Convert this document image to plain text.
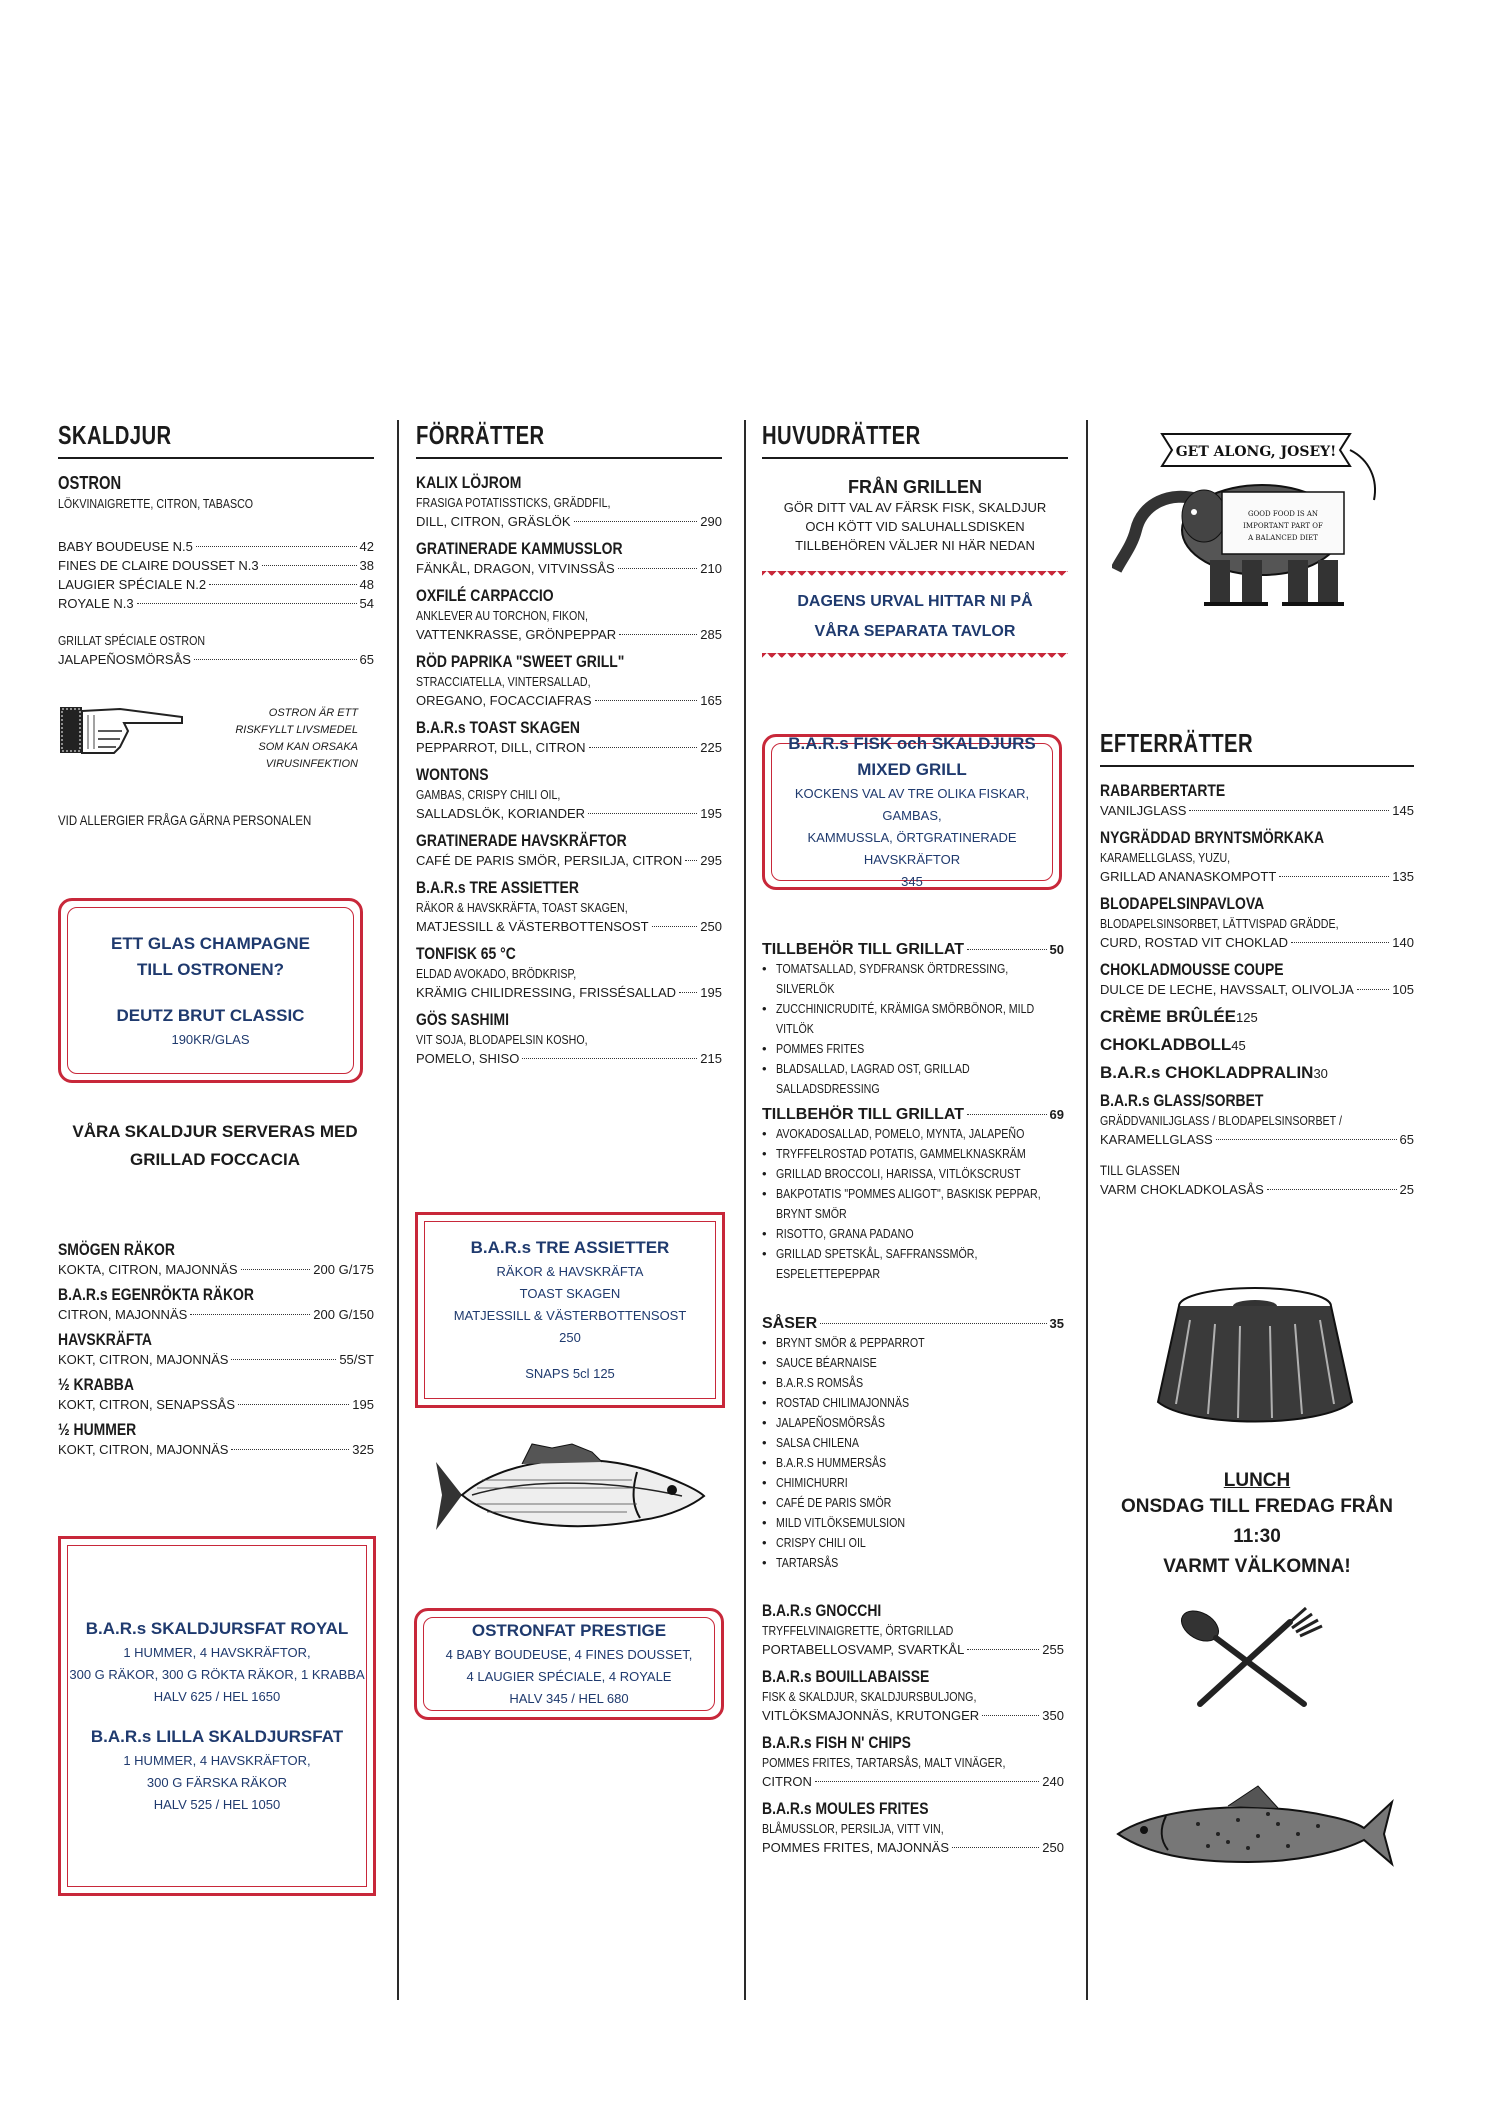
SKALDJUR
OSTRON
LÖKVINAIGRETTE, CITRON, TABASCO
BABY BOUDEUSE N.5	42
FINES DE CLAIRE DOUSSET N.3	38
LAUGIER SPÉCIALE N.2	48
ROYALE N.3	54
GRILLAT SPÉCIALE OSTRON
JALAPEÑOSMÖRSÅS	65
OSTRON ÄR ETT RISKFYLLT LIVSMEDEL SOM KAN ORSAKA VIRUSINFEKTION
VID ALLERGIER FRÅGA GÄRNA PERSONALEN
ETT GLAS CHAMPAGNE TILL OSTRONEN?
DEUTZ BRUT CLASSIC
190KR/GLAS
VÅRA SKALDJUR SERVERAS MED GRILLAD FOCCACIA
SMÖGEN RÄKOR
KOKTA, CITRON, MAJONNÄS	200 G/175
B.A.R.s EGENRÖKTA RÄKOR
CITRON, MAJONNÄS	200 G/150
HAVSKRÄFTA
KOKT, CITRON, MAJONNÄS	55/ST
½ KRABBA
KOKT, CITRON, SENAPSSÅS	195
½ HUMMER
KOKT, CITRON, MAJONNÄS	325
B.A.R.s SKALDJURSFAT ROYAL
1 HUMMER, 4 HAVSKRÄFTOR,
300 G RÄKOR, 300 G RÖKTA RÄKOR, 1 KRABBA
HALV 625 / HEL 1650
B.A.R.s LILLA SKALDJURSFAT
1 HUMMER, 4 HAVSKRÄFTOR,
300 G FÄRSKA RÄKOR
HALV 525 / HEL 1050
FÖRRÄTTER
KALIX LÖJROM
FRASIGA POTATISSTICKS, GRÄDDFIL,
DILL, CITRON, GRÄSLÖK	290
GRATINERADE KAMMUSSLOR
FÄNKÅL, DRAGON, VITVINSSÅS	210
OXFILÉ CARPACCIO
ANKLEVER AU TORCHON, FIKON,
VATTENKRASSE, GRÖNPEPPAR	285
RÖD PAPRIKA "SWEET GRILL"
STRACCIATELLA, VINTERSALLAD,
OREGANO, FOCACCIAFRAS	165
B.A.R.s TOAST SKAGEN
PEPPARROT, DILL, CITRON	225
WONTONS
GAMBAS, CRISPY CHILI OIL,
SALLADSLÖK, KORIANDER	195
GRATINERADE HAVSKRÄFTOR
CAFÉ DE PARIS SMÖR, PERSILJA, CITRON 295
B.A.R.s TRE ASSIETTER
RÄKOR & HAVSKRÄFTA, TOAST SKAGEN,
MATJESSILL & VÄSTERBOTTENSOST	250
TONFISK 65 °C
ELDAD AVOKADO, BRÖDKRISP,
KRÄMIG CHILIDRESSING, FRISSÉSALLAD 195
GÖS SASHIMI
VIT SOJA, BLODAPELSIN KOSHO,
POMELO, SHISO	215
B.A.R.s TRE ASSIETTER
RÄKOR & HAVSKRÄFTA
TOAST SKAGEN
MATJESSILL & VÄSTERBOTTENSOST
250
SNAPS 5cl 125
OSTRONFAT PRESTIGE
4 BABY BOUDEUSE, 4 FINES DOUSSET,
4 LAUGIER SPÉCIALE, 4 ROYALE
HALV 345 / HEL 680
HUVUDRÄTTER
FRÅN GRILLEN
GÖR DITT VAL AV FÄRSK FISK, SKALDJUR
OCH KÖTT VID SALUHALLSDISKEN
TILLBEHÖREN VÄLJER NI HÄR NEDAN
DAGENS URVAL HITTAR NI PÅ VÅRA SEPARATA TAVLOR
B.A.R.s FISK och SKALDJURS
MIXED GRILL
KOCKENS VAL AV TRE OLIKA FISKAR, GAMBAS,
KAMMUSSLA, ÖRTGRATINERADE HAVSKRÄFTOR
345
TILLBEHÖR TILL GRILLAT	50
• TOMATSALLAD, SYDFRANSK ÖRTDRESSING, SILVERLÖK
• ZUCCHINICRUDITÉ, KRÄMIGA SMÖRBÖNOR, MILD VITLÖK
• POMMES FRITES
• BLADSALLAD, LAGRAD OST, GRILLAD SALLADSDRESSING
TILLBEHÖR TILL GRILLAT	69
• AVOKADOSALLAD, POMELO, MYNTA, JALAPEÑO
• TRYFFELROSTAD POTATIS, GAMMELKNASKRÄM
• GRILLAD BROCCOLI, HARISSA, VITLÖKSCRUST
• BAKPOTATIS "POMMES ALIGOT", BASKISK PEPPAR, BRYNT SMÖR
• RISOTTO, GRANA PADANO
• GRILLAD SPETSKÅL, SAFFRANSSMÖR, ESPELETTEPEPPAR
SÅSER	35
• BRYNT SMÖR & PEPPARROT
• SAUCE BÉARNAISE
• B.A.R.S ROMSÅS
• ROSTAD CHILIMAJONNÄS
• JALAPEÑOSMÖRSÅS
• SALSA CHILENA
• B.A.R.S HUMMERSÅS
• CHIMICHURRI
• CAFÉ DE PARIS SMÖR
• MILD VITLÖKSEMULSION
• CRISPY CHILI OIL
• TARTARSÅS
B.A.R.s GNOCCHI
TRYFFELVINAIGRETTE, ÖRTGRILLAD
PORTABELLOSVAMP, SVARTKÅL	255
B.A.R.s BOUILLABAISSE
FISK & SKALDJUR, SKALDJURSBULJONG,
VITLÖKSMAJONNÄS, KRUTONGER	350
B.A.R.s FISH N' CHIPS
POMMES FRITES, TARTARSÅS, MALT VINÄGER,
CITRON	240
B.A.R.s MOULES FRITES
BLÅMUSSLOR, PERSILJA, VITT VIN,
POMMES FRITES, MAJONNÄS	250
GET ALONG, JOSEY!
GOOD FOOD IS AN
IMPORTANT PART OF
A BALANCED DIET
EFTERRÄTTER
RABARBERTARTE
VANILJGLASS	145
NYGRÄDDAD BRYNTSMÖRKAKA
KARAMELLGLASS, YUZU,
GRILLAD ANANASKOMPOTT	135
BLODAPELSINPAVLOVA
BLODAPELSINSORBET, LÄTTVISPAD GRÄDDE,
CURD, ROSTAD VIT CHOKLAD	140
CHOKLADMOUSSE COUPE
DULCE DE LECHE, HAVSSALT, OLIVOLJA	105
CRÈME BRÛLÉE 125
CHOKLADBOLL 45
B.A.R.s CHOKLADPRALIN 30
B.A.R.s GLASS/SORBET
GRÄDDVANILJGLASS / BLODAPELSINSORBET /
KARAMELLGLASS	65
TILL GLASSEN
VARM CHOKLADKOLASÅS	25
LUNCH
ONSDAG TILL FREDAG FRÅN 11:30
VARMT VÄLKOMNA!
